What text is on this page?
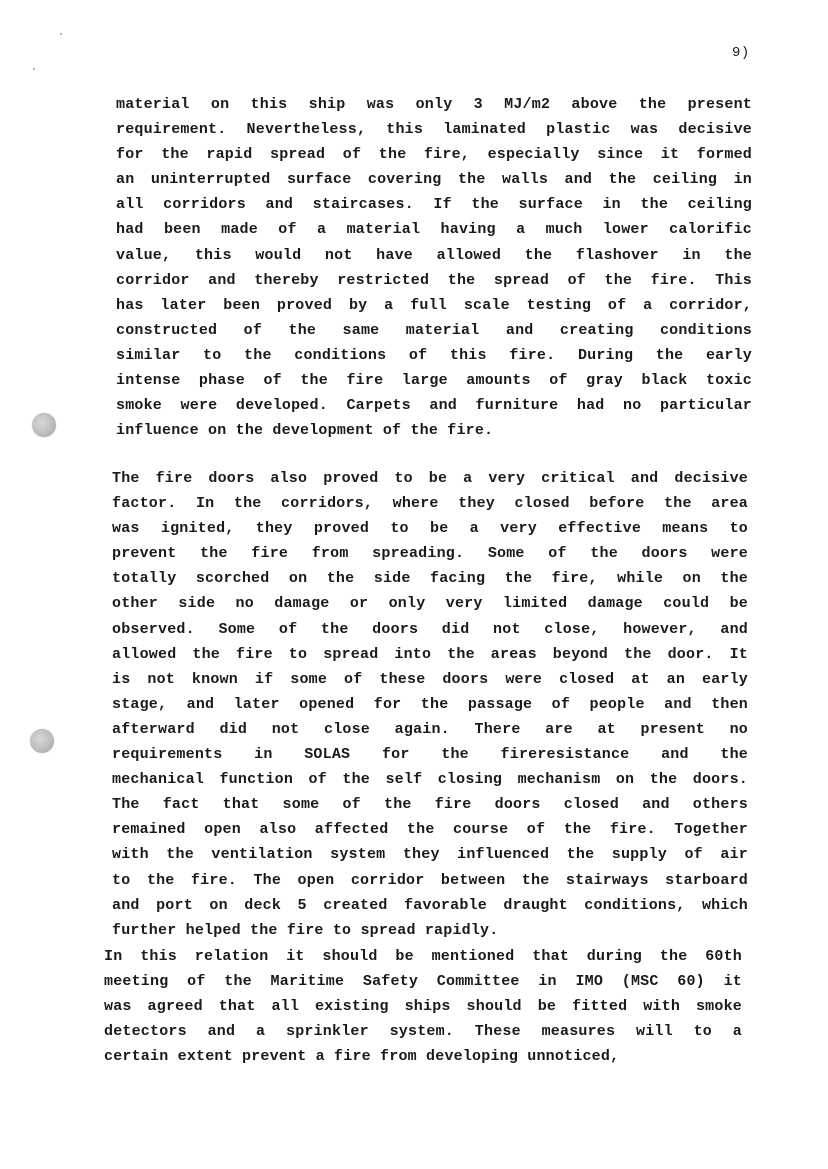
9)
material on this ship was only 3 MJ/m2 above the present
requirement. Nevertheless, this laminated plastic was decisive
for the rapid spread of the fire, especially since it formed
an uninterrupted surface covering the walls and the ceiling in
all corridors and staircases. If the surface in the ceiling
had been made of a material having a much lower calorific
value, this would not have allowed the flashover in the
corridor and thereby restricted the spread of the fire. This
has later been proved by a full scale testing of a corridor,
constructed of the same material and creating conditions
similar to the conditions of this fire. During the early
intense phase of the fire large amounts of gray black toxic
smoke were developed. Carpets and furniture had no particular
influence on the development of the fire.
The fire doors also proved to be a very critical and decisive
factor. In the corridors, where they closed before the area
was ignited, they proved to be a very effective means to
prevent the fire from spreading. Some of the doors were
totally scorched on the side facing the fire, while on the
other side no damage or only very limited damage could be
observed. Some of the doors did not close, however, and
allowed the fire to spread into the areas beyond the door. It
is not known if some of these doors were closed at an early
stage, and later opened for the passage of people and then
afterward did not close again. There are at present no
requirements in SOLAS for the fireresistance and the
mechanical function of the self closing mechanism on the doors.
The fact that some of the fire doors closed and others
remained open also affected the course of the fire. Together
with the ventilation system they influenced the supply of air
to the fire. The open corridor between the stairways starboard
and port on deck 5 created favorable draught conditions, which
further helped the fire to spread rapidly.
In this relation it should be mentioned that during the 60th
meeting of the Maritime Safety Committee in IMO (MSC 60) it
was agreed that all existing ships should be fitted with smoke
detectors and a sprinkler system. These measures will to a
certain extent prevent a fire from developing unnoticed,
